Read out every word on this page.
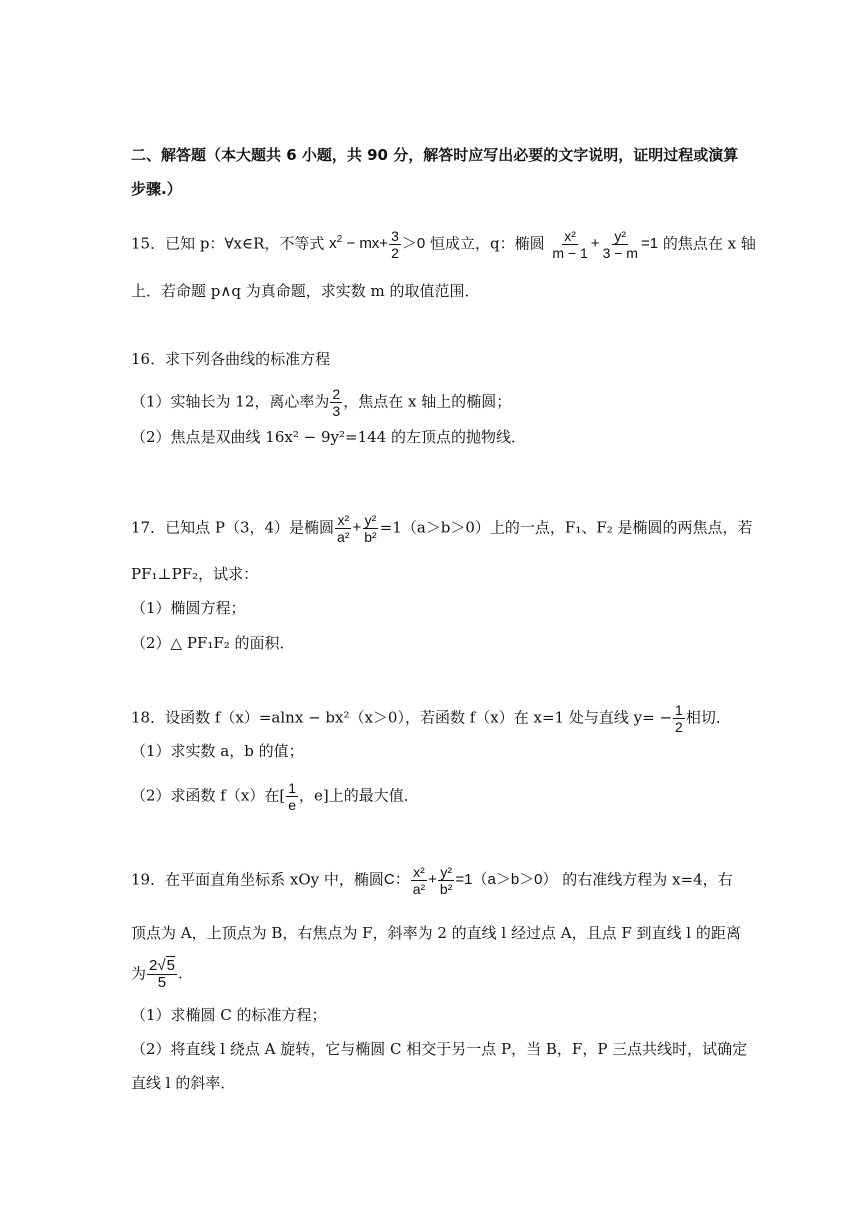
二、解答题（本大题共 6 小题，共 90 分，解答时应写出必要的文字说明，证明过程或演算
步骤.）
15．已知 p：∀x∈R，不等式 $x^2 - mx+ \frac{3}{2} >0$ 恒成立，q：椭圆 $\frac{\text{x²}}{m - 1} + \frac{\text{y²}}{3 - m} =1$ 的焦点在 x 轴
上．若命题 p∧q 为真命题，求实数 m 的取值范围．
16．求下列各曲线的标准方程
（1）实轴长为 12，离心率为 $\frac{2}{3}$ ，焦点在 x 轴上的椭圆；
（2）焦点是双曲线 16x² − 9y²=144 的左顶点的抛物线．
17．已知点 P（3，4）是椭圆 $\frac{\text{x²}}{\text{a²}} + \frac{\text{y²}}{\text{b²}} =1(a>b>0)$上的一点，F₁、F₂ 是椭圆的两焦点，若
PF₁⊥PF₂，试求：
（1）椭圆方程；
（2）△ PF₁F₂ 的面积．
18．设函数 f（x）=alnx − bx²（x＞0），若函数 f（x）在 x=1 处与直线 $y= - \frac{1}{2}$ 相切．
（1）求实数 a，b 的值；
（2）求函数 f（x）在[ $\frac{1}{e}$ ，e]上的最大值．
19．在平面直角坐标系 xOy 中，椭圆C： $\frac{\text{x²}}{\text{a²}} + \frac{\text{y²}}{\text{b²}} =1(a>b>0)$ 的右准线方程为 x=4，右
顶点为 A，上顶点为 B，右焦点为 F，斜率为 2 的直线 l 经过点 A，且点 F 到直线 l 的距离
为 $\frac{2√5}{5}$ .
（1）求椭圆 C 的标准方程；
（2）将直线 l 绕点 A 旋转，它与椭圆 C 相交于另一点 P，当 B，F，P 三点共线时，试确定
直线 l 的斜率．
